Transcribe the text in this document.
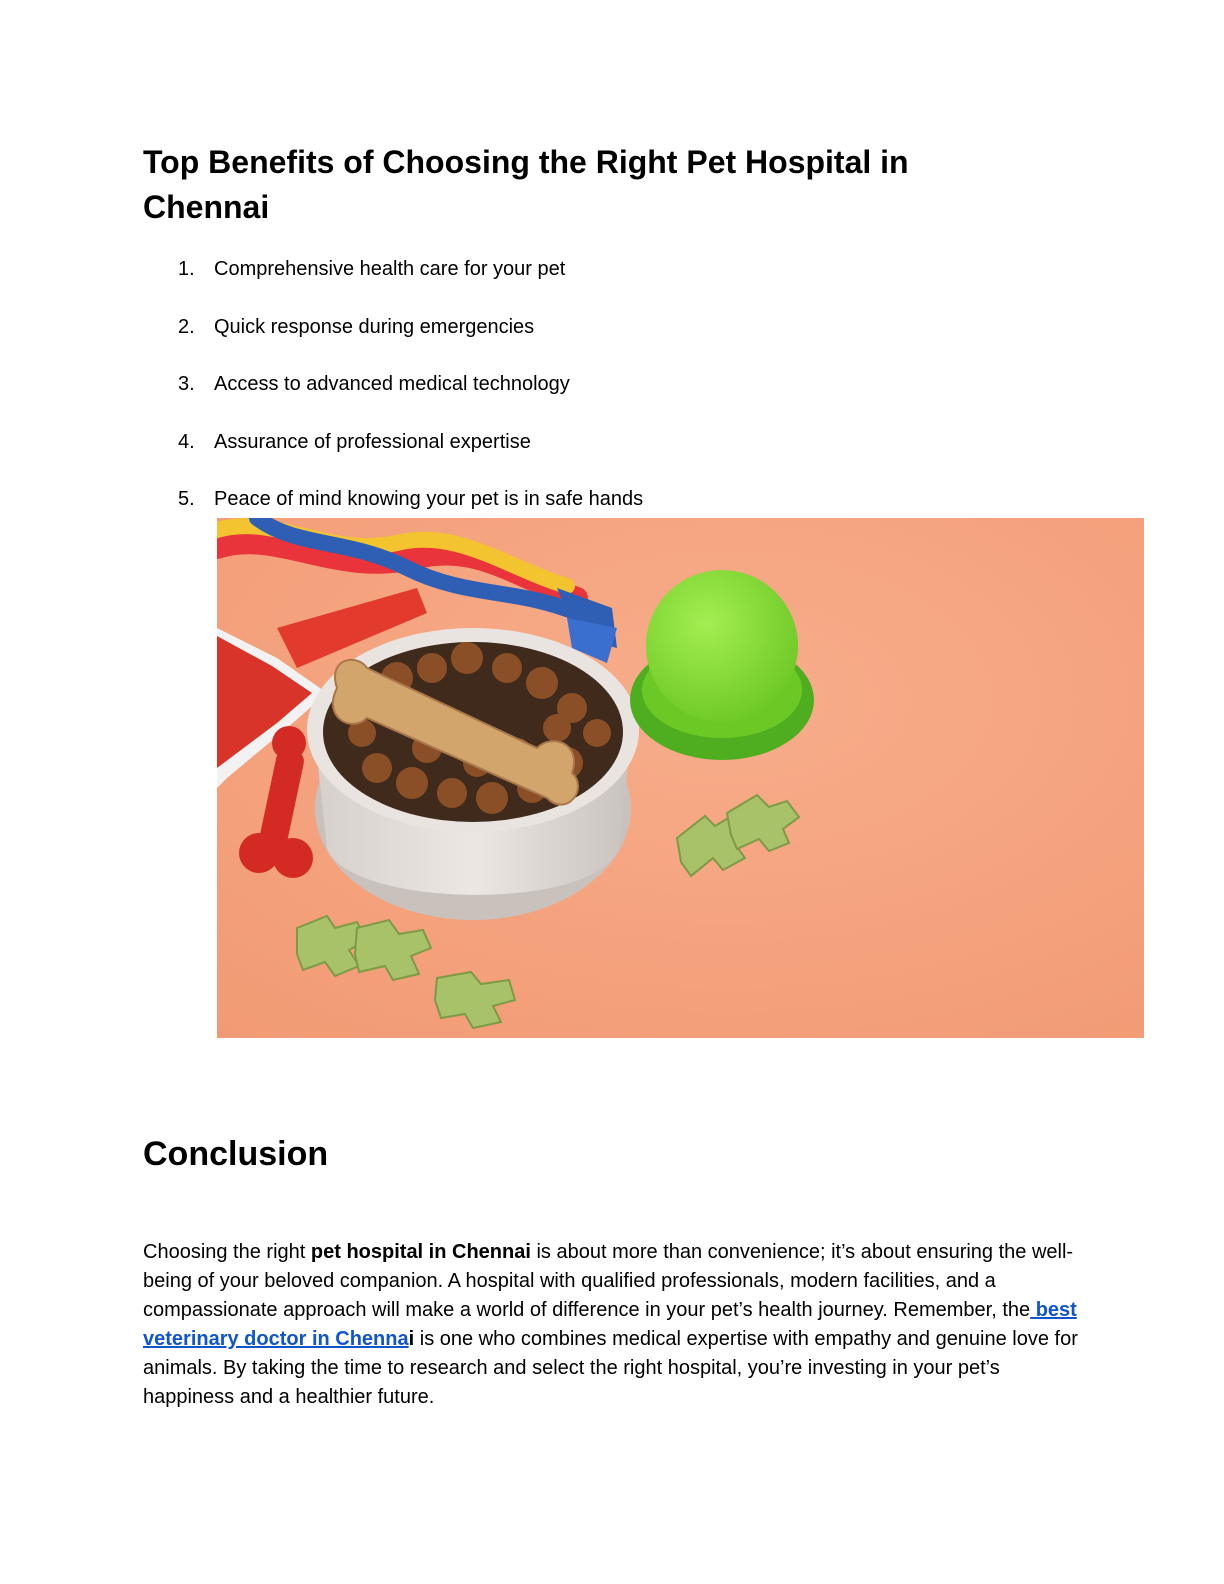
Top Benefits of Choosing the Right Pet Hospital in Chennai
1. Comprehensive health care for your pet
2. Quick response during emergencies
3. Access to advanced medical technology
4. Assurance of professional expertise
5. Peace of mind knowing your pet is in safe hands
Conclusion

Choosing the right pet hospital in Chennai is about more than convenience; it’s about ensuring the well-being of your beloved companion. A hospital with qualified professionals, modern facilities, and a compassionate approach will make a world of difference in your pet’s health journey. Remember, the best veterinary doctor in Chennai is one who combines medical expertise with empathy and genuine love for animals. By taking the time to research and select the right hospital, you’re investing in your pet’s happiness and a healthier future.
